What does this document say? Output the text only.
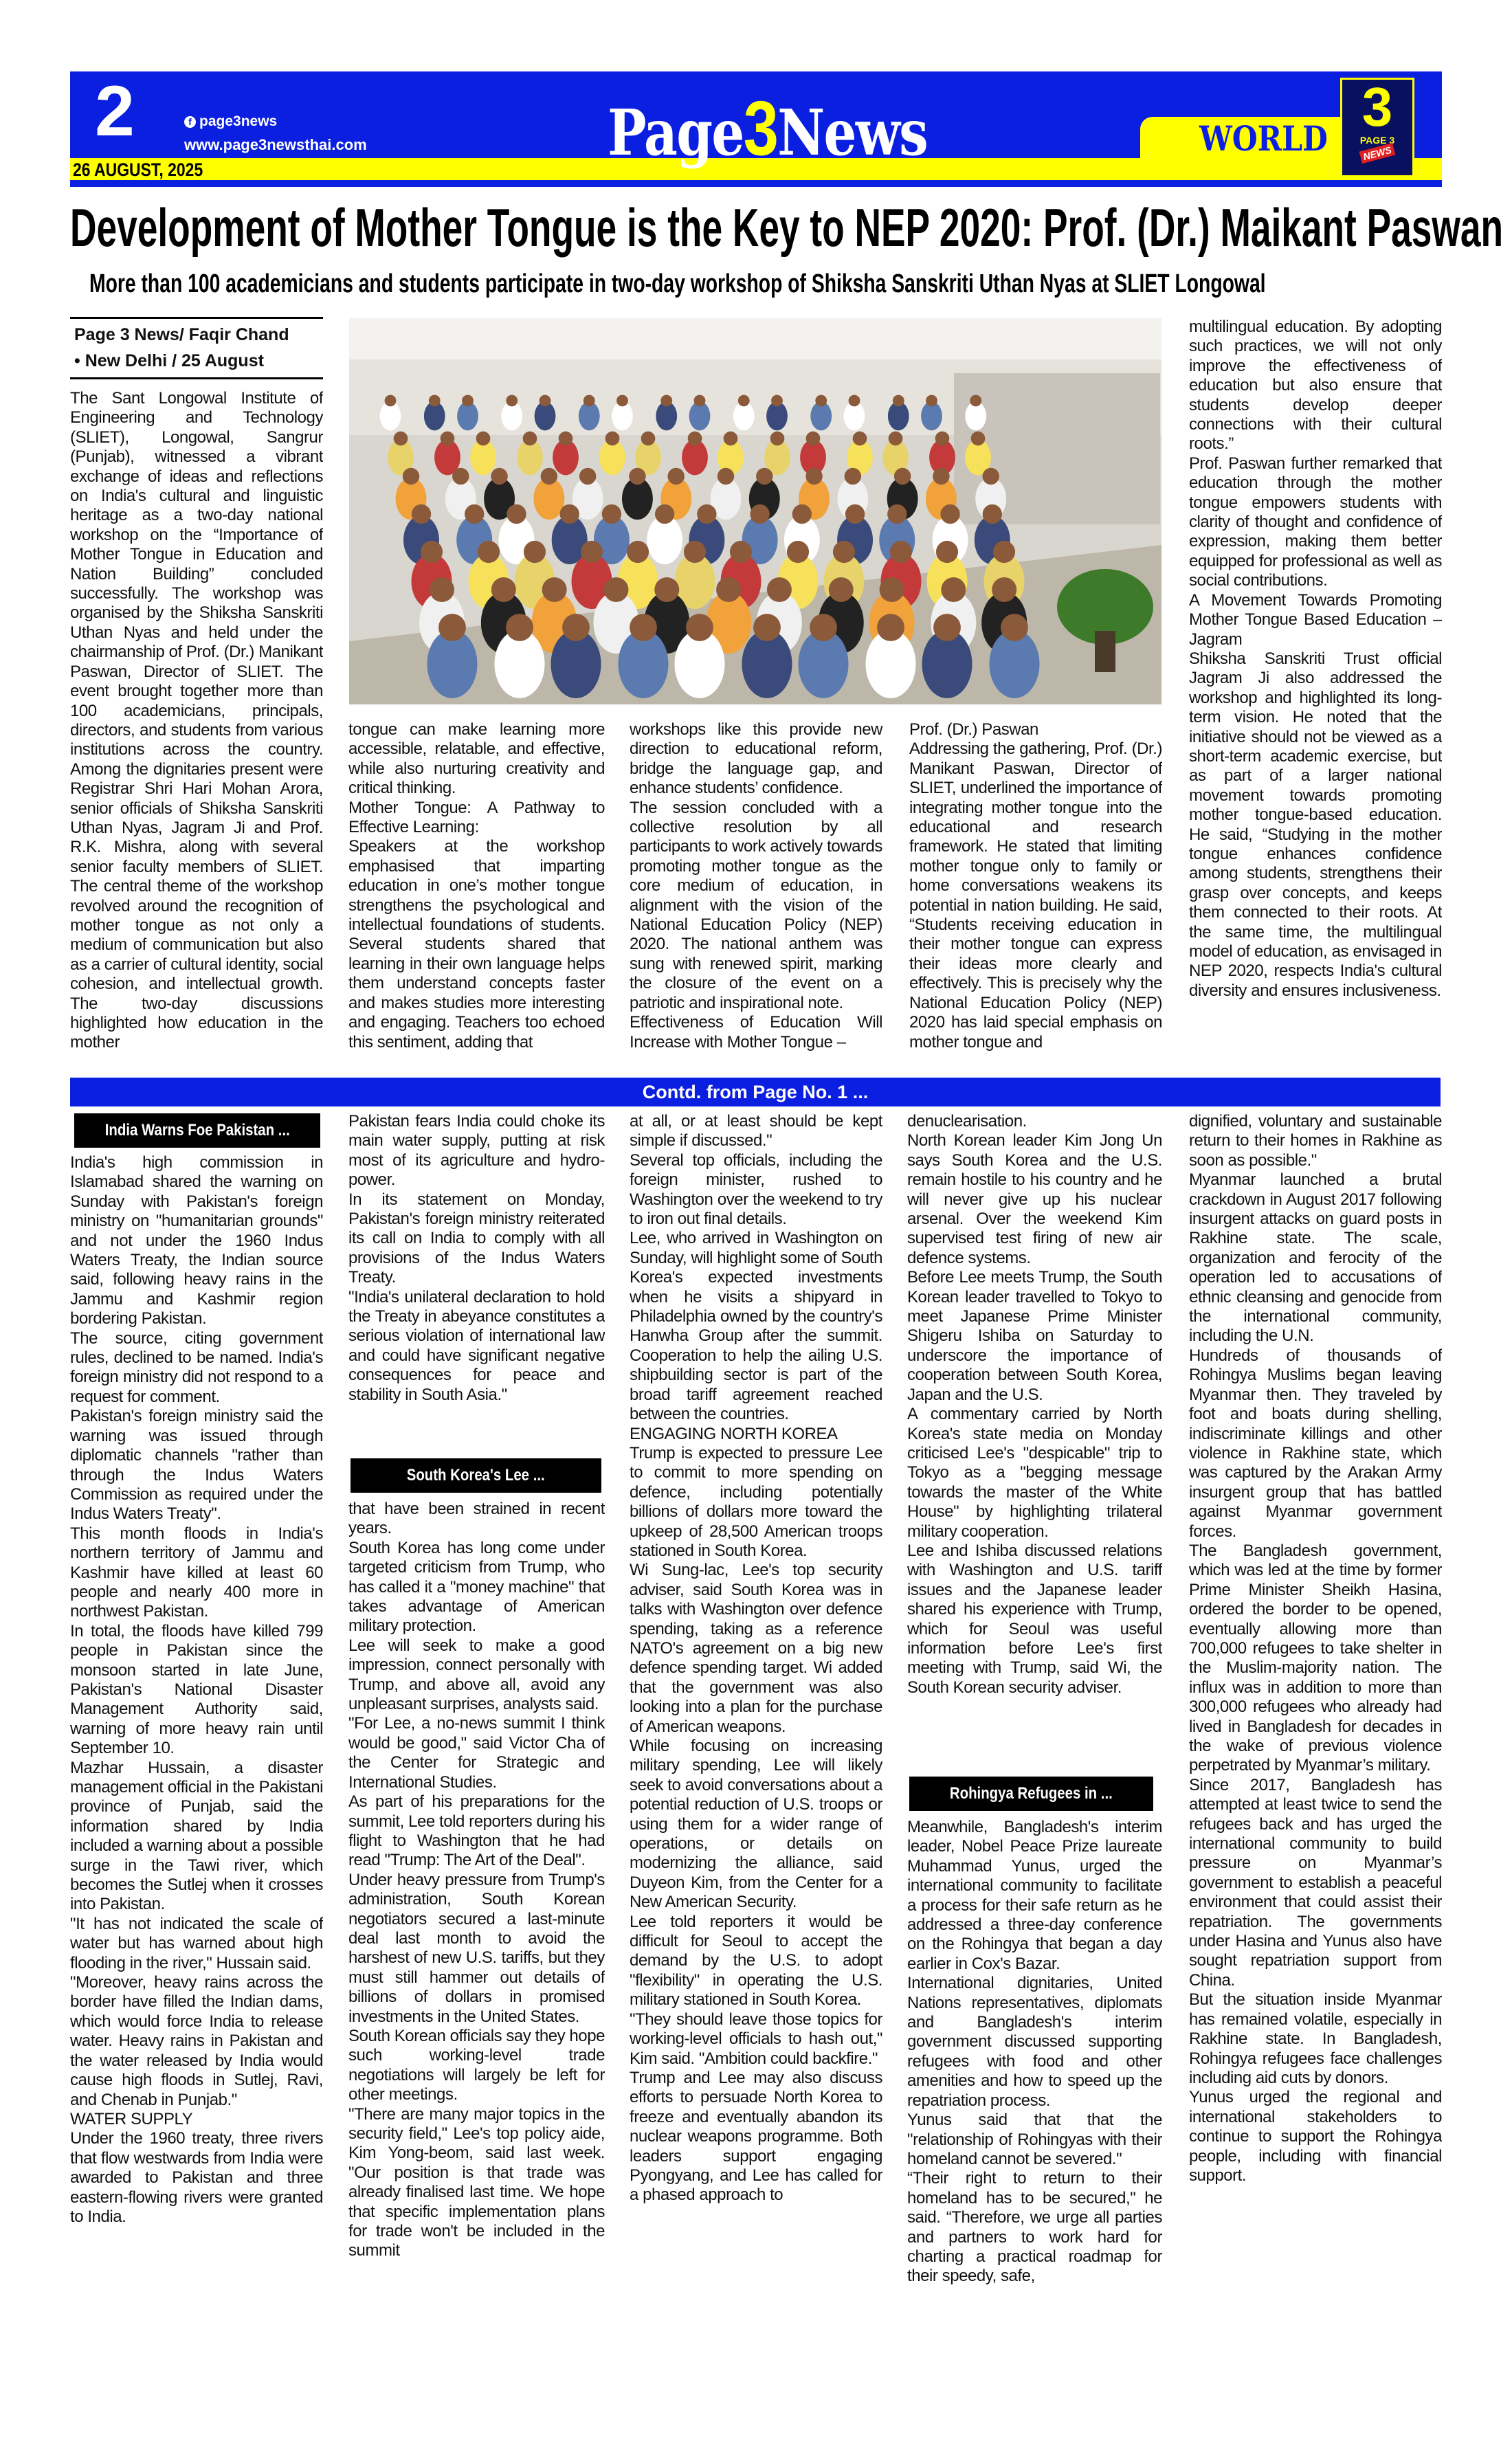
2	f page3news
www.page3newsthai.com
26 AUGUST, 2025	Page3News	WORLD
3
PAGE 3
NEWS
Development of Mother Tongue is the Key to NEP 2020: Prof. (Dr.) Maikant Paswan
More than 100 academicians and students participate in two-day workshop of Shiksha Sanskriti Uthan Nyas at SLIET Longowal
Page 3 News/ Faqir Chand
• New Delhi / 25 August

The Sant Longowal Institute of Engineering and Technology (SLIET), Longowal, Sangrur (Punjab), witnessed a vibrant exchange of ideas and reflections on India's cultural and linguistic heritage as a two-day national workshop on the “Importance of Mother Tongue in Education and Nation Building” concluded successfully. The workshop was organised by the Shiksha Sanskriti Uthan Nyas and held under the chairmanship of Prof. (Dr.) Manikant Paswan, Director of SLIET. The event brought together more than 100 academicians, principals, directors, and students from various institutions across the country. Among the dignitaries present were Registrar Shri Hari Mohan Arora, senior officials of Shiksha Sanskriti Uthan Nyas, Jagram Ji and Prof. R.K. Mishra, along with several senior faculty members of SLIET. The central theme of the workshop revolved around the recognition of mother tongue as not only a medium of communication but also as a carrier of cultural identity, social cohesion, and intellectual growth. The two-day discussions highlighted how education in the mother

tongue can make learning more accessible, relatable, and effective, while also nurturing creativity and critical thinking.

Mother Tongue: A Pathway to Effective Learning:

Speakers at the workshop emphasised that imparting education in one’s mother tongue strengthens the psychological and intellectual foundations of students. Several students shared that learning in their own language helps them understand concepts faster and makes studies more interesting and engaging. Teachers too echoed this sentiment, adding that

workshops like this provide new direction to educational reform, bridge the language gap, and enhance students’ confidence.

The session concluded with a collective resolution by all participants to work actively towards promoting mother tongue as the core medium of education, in alignment with the vision of the National Education Policy (NEP) 2020. The national anthem was sung with renewed spirit, marking the closure of the event on a patriotic and inspirational note.

Effectiveness of Education Will Increase with Mother Tongue –

Prof. (Dr.) Paswan

Addressing the gathering, Prof. (Dr.) Manikant Paswan, Director of SLIET, underlined the importance of integrating mother tongue into the educational and research framework. He stated that limiting mother tongue only to family or home conversations weakens its potential in nation building. He said, “Students receiving education in their mother tongue can express their ideas more clearly and effectively. This is precisely why the National Education Policy (NEP) 2020 has laid special emphasis on mother tongue and

multilingual education. By adopting such practices, we will not only improve the effectiveness of education but also ensure that students develop deeper connections with their cultural roots.”

Prof. Paswan further remarked that education through the mother tongue empowers students with clarity of thought and confidence of expression, making them better equipped for professional as well as social contributions.

A Movement Towards Promoting Mother Tongue Based Education – Jagram

Shiksha Sanskriti Trust official Jagram Ji also addressed the workshop and highlighted its long-term vision. He noted that the initiative should not be viewed as a short-term academic exercise, but as part of a larger national movement towards promoting mother tongue-based education. He said, “Studying in the mother tongue enhances confidence among students, strengthens their grasp over concepts, and keeps them connected to their roots. At the same time, the multilingual model of education, as envisaged in NEP 2020, respects India's cultural diversity and ensures inclusiveness.

Contd. from Page No. 1 ...
India Warns Foe Pakistan ...

India's high commission in Islamabad shared the warning on Sunday with Pakistan's foreign ministry on "humanitarian grounds" and not under the 1960 Indus Waters Treaty, the Indian source said, following heavy rains in the Jammu and Kashmir region bordering Pakistan.

The source, citing government rules, declined to be named. India's foreign ministry did not respond to a request for comment.

Pakistan's foreign ministry said the warning was issued through diplomatic channels "rather than through the Indus Waters Commission as required under the Indus Waters Treaty".

This month floods in India's northern territory of Jammu and Kashmir have killed at least 60 people and nearly 400 more in northwest Pakistan.

In total, the floods have killed 799 people in Pakistan since the monsoon started in late June, Pakistan's National Disaster Management Authority said, warning of more heavy rain until September 10.

Mazhar Hussain, a disaster management official in the Pakistani province of Punjab, said the information shared by India included a warning about a possible surge in the Tawi river, which becomes the Sutlej when it crosses into Pakistan.

"It has not indicated the scale of water but has warned about high flooding in the river," Hussain said.

"Moreover, heavy rains across the border have filled the Indian dams, which would force India to release water. Heavy rains in Pakistan and the water released by India would cause high floods in Sutlej, Ravi, and Chenab in Punjab."

WATER SUPPLY

Under the 1960 treaty, three rivers that flow westwards from India were awarded to Pakistan and three eastern-flowing rivers were granted to India.

Pakistan fears India could choke its main water supply, putting at risk most of its agriculture and hydro-power.

In its statement on Monday, Pakistan's foreign ministry reiterated its call on India to comply with all provisions of the Indus Waters Treaty.

"India's unilateral declaration to hold the Treaty in abeyance constitutes a serious violation of international law and could have significant negative consequences for peace and stability in South Asia."

South Korea's Lee ...

that have been strained in recent years.

South Korea has long come under targeted criticism from Trump, who has called it a "money machine" that takes advantage of American military protection.

Lee will seek to make a good impression, connect personally with Trump, and above all, avoid any unpleasant surprises, analysts said.

"For Lee, a no-news summit I think would be good," said Victor Cha of the Center for Strategic and International Studies.

As part of his preparations for the summit, Lee told reporters during his flight to Washington that he had read "Trump: The Art of the Deal".

Under heavy pressure from Trump's administration, South Korean negotiators secured a last-minute deal last month to avoid the harshest of new U.S. tariffs, but they must still hammer out details of billions of dollars in promised investments in the United States.

South Korean officials say they hope such working-level trade negotiations will largely be left for other meetings.

"There are many major topics in the security field," Lee's top policy aide, Kim Yong-beom, said last week. "Our position is that trade was already finalised last time. We hope that specific implementation plans for trade won't be included in the summit

at all, or at least should be kept simple if discussed."

Several top officials, including the foreign minister, rushed to Washington over the weekend to try to iron out final details.

Lee, who arrived in Washington on Sunday, will highlight some of South Korea's expected investments when he visits a shipyard in Philadelphia owned by the country's Hanwha Group after the summit. Cooperation to help the ailing U.S. shipbuilding sector is part of the broad tariff agreement reached between the countries.

ENGAGING NORTH KOREA

Trump is expected to pressure Lee to commit to more spending on defence, including potentially billions of dollars more toward the upkeep of 28,500 American troops stationed in South Korea.

Wi Sung-lac, Lee's top security adviser, said South Korea was in talks with Washington over defence spending, taking as a reference NATO's agreement on a big new defence spending target. Wi added that the government was also looking into a plan for the purchase of American weapons.

While focusing on increasing military spending, Lee will likely seek to avoid conversations about a potential reduction of U.S. troops or using them for a wider range of operations, or details on modernizing the alliance, said Duyeon Kim, from the Center for a New American Security.

Lee told reporters it would be difficult for Seoul to accept the demand by the U.S. to adopt "flexibility" in operating the U.S. military stationed in South Korea.

"They should leave those topics for working-level officials to hash out," Kim said. "Ambition could backfire."

Trump and Lee may also discuss efforts to persuade North Korea to freeze and eventually abandon its nuclear weapons programme. Both leaders support engaging Pyongyang, and Lee has called for a phased approach to

denuclearisation.

North Korean leader Kim Jong Un says South Korea and the U.S. remain hostile to his country and he will never give up his nuclear arsenal. Over the weekend Kim supervised test firing of new air defence systems.

Before Lee meets Trump, the South Korean leader travelled to Tokyo to meet Japanese Prime Minister Shigeru Ishiba on Saturday to underscore the importance of cooperation between South Korea, Japan and the U.S.

A commentary carried by North Korea's state media on Monday criticised Lee's "despicable" trip to Tokyo as a "begging message towards the master of the White House" by highlighting trilateral military cooperation.

Lee and Ishiba discussed relations with Washington and U.S. tariff issues and the Japanese leader shared his experience with Trump, which for Seoul was useful information before Lee's first meeting with Trump, said Wi, the South Korean security adviser.

Rohingya Refugees in ...

Meanwhile, Bangladesh's interim leader, Nobel Peace Prize laureate Muhammad Yunus, urged the international community to facilitate a process for their safe return as he addressed a three-day conference on the Rohingya that began a day earlier in Cox's Bazar.

International dignitaries, United Nations representatives, diplomats and Bangladesh's interim government discussed supporting refugees with food and other amenities and how to speed up the repatriation process.

Yunus said that that the "relationship of Rohingyas with their homeland cannot be severed."

“Their right to return to their homeland has to be secured," he said. “Therefore, we urge all parties and partners to work hard for charting a practical roadmap for their speedy, safe,

dignified, voluntary and sustainable return to their homes in Rakhine as soon as possible."

Myanmar launched a brutal crackdown in August 2017 following insurgent attacks on guard posts in Rakhine state. The scale, organization and ferocity of the operation led to accusations of ethnic cleansing and genocide from the international community, including the U.N.

Hundreds of thousands of Rohingya Muslims began leaving Myanmar then. They traveled by foot and boats during shelling, indiscriminate killings and other violence in Rakhine state, which was captured by the Arakan Army insurgent group that has battled against Myanmar government forces.

The Bangladesh government, which was led at the time by former Prime Minister Sheikh Hasina, ordered the border to be opened, eventually allowing more than 700,000 refugees to take shelter in the Muslim-majority nation. The influx was in addition to more than 300,000 refugees who already had lived in Bangladesh for decades in the wake of previous violence perpetrated by Myanmar’s military.

Since 2017, Bangladesh has attempted at least twice to send the refugees back and has urged the international community to build pressure on Myanmar’s government to establish a peaceful environment that could assist their repatriation. The governments under Hasina and Yunus also have sought repatriation support from China.

But the situation inside Myanmar has remained volatile, especially in Rakhine state. In Bangladesh, Rohingya refugees face challenges including aid cuts by donors.

Yunus urged the regional and international stakeholders to continue to support the Rohingya people, including with financial support.
